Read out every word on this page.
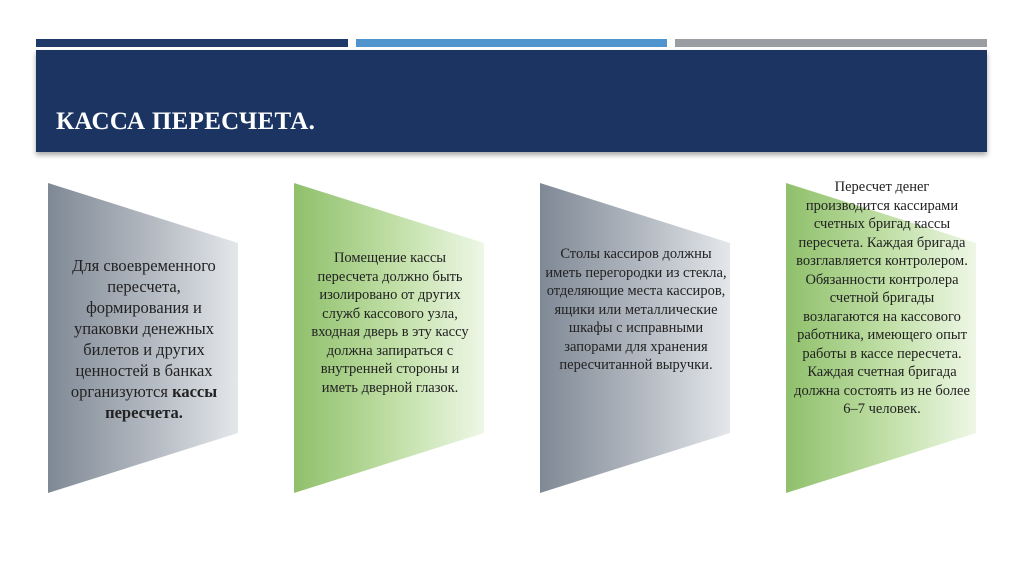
КАССА ПЕРЕСЧЕТА.
Для своевременного пересчета, формирования и упаковки денежных билетов и других ценностей в банках организуются кассы пересчета.
Помещение кассы пересчета должно быть изолировано от других служб кассового узла, входная дверь в эту кассу должна запираться с внутренней стороны и иметь дверной глазок.
Столы кассиров должны иметь перегородки из стекла, отделяющие места кассиров, ящики или металлические шкафы с исправными запорами для хранения пересчитанной выручки.
Пересчет денег производится кассирами счетных бригад кассы пересчета. Каждая бригада возглавляется контролером. Обязанности контролера счетной бригады возлагаются на кассового работника, имеющего опыт работы в кассе пересчета. Каждая счетная бригада должна состоять из не более 6–7 человек.
